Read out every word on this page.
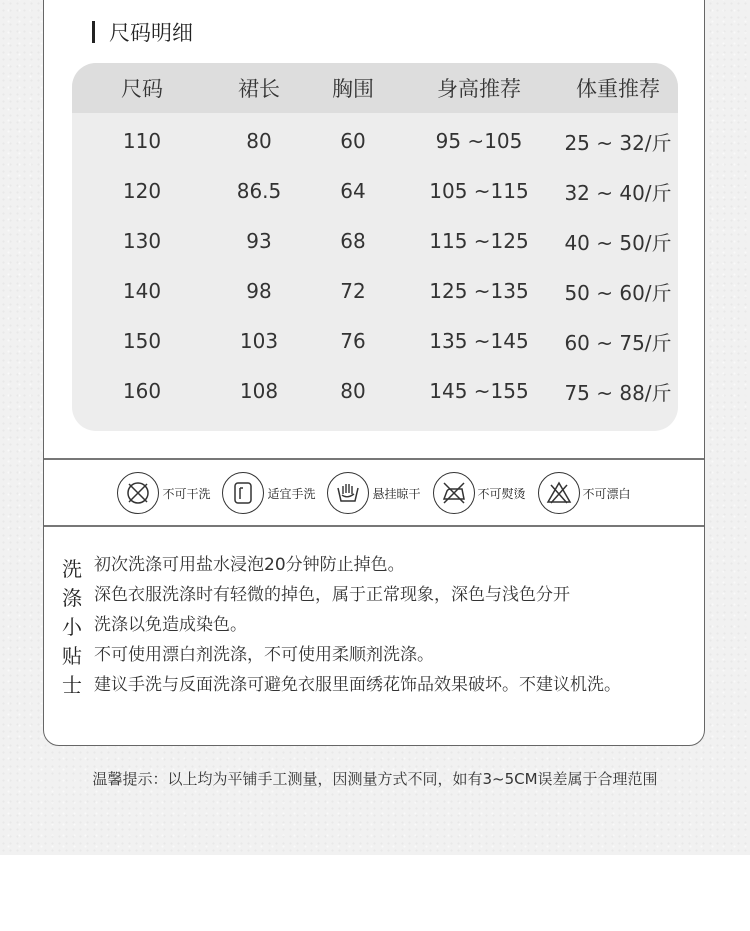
尺码明细
尺码	裙长	胸围	身高推荐	体重推荐
110	80	60	95 ~105	25 ~ 32/斤
120	86.5	64	105 ~115	32 ~ 40/斤
130	93	68	115 ~125	40 ~ 50/斤
140	98	72	125 ~135	50 ~ 60/斤
150	103	76	135 ~145	60 ~ 75/斤
160	108	80	145 ~155	75 ~ 88/斤
不可干洗	适宜手洗	悬挂晾干	不可熨烫	不可漂白
洗
涤
小
贴
士
初次洗涤可用盐水浸泡20分钟防止掉色。
深色衣服洗涤时有轻微的掉色，属于正常现象，深色与浅色分开
洗涤以免造成染色。
不可使用漂白剂洗涤，不可使用柔顺剂洗涤。
建议手洗与反面洗涤可避免衣服里面绣花饰品效果破坏。不建议机洗。
温馨提示：以上均为平铺手工测量，因测量方式不同，如有3~5CM误差属于合理范围
